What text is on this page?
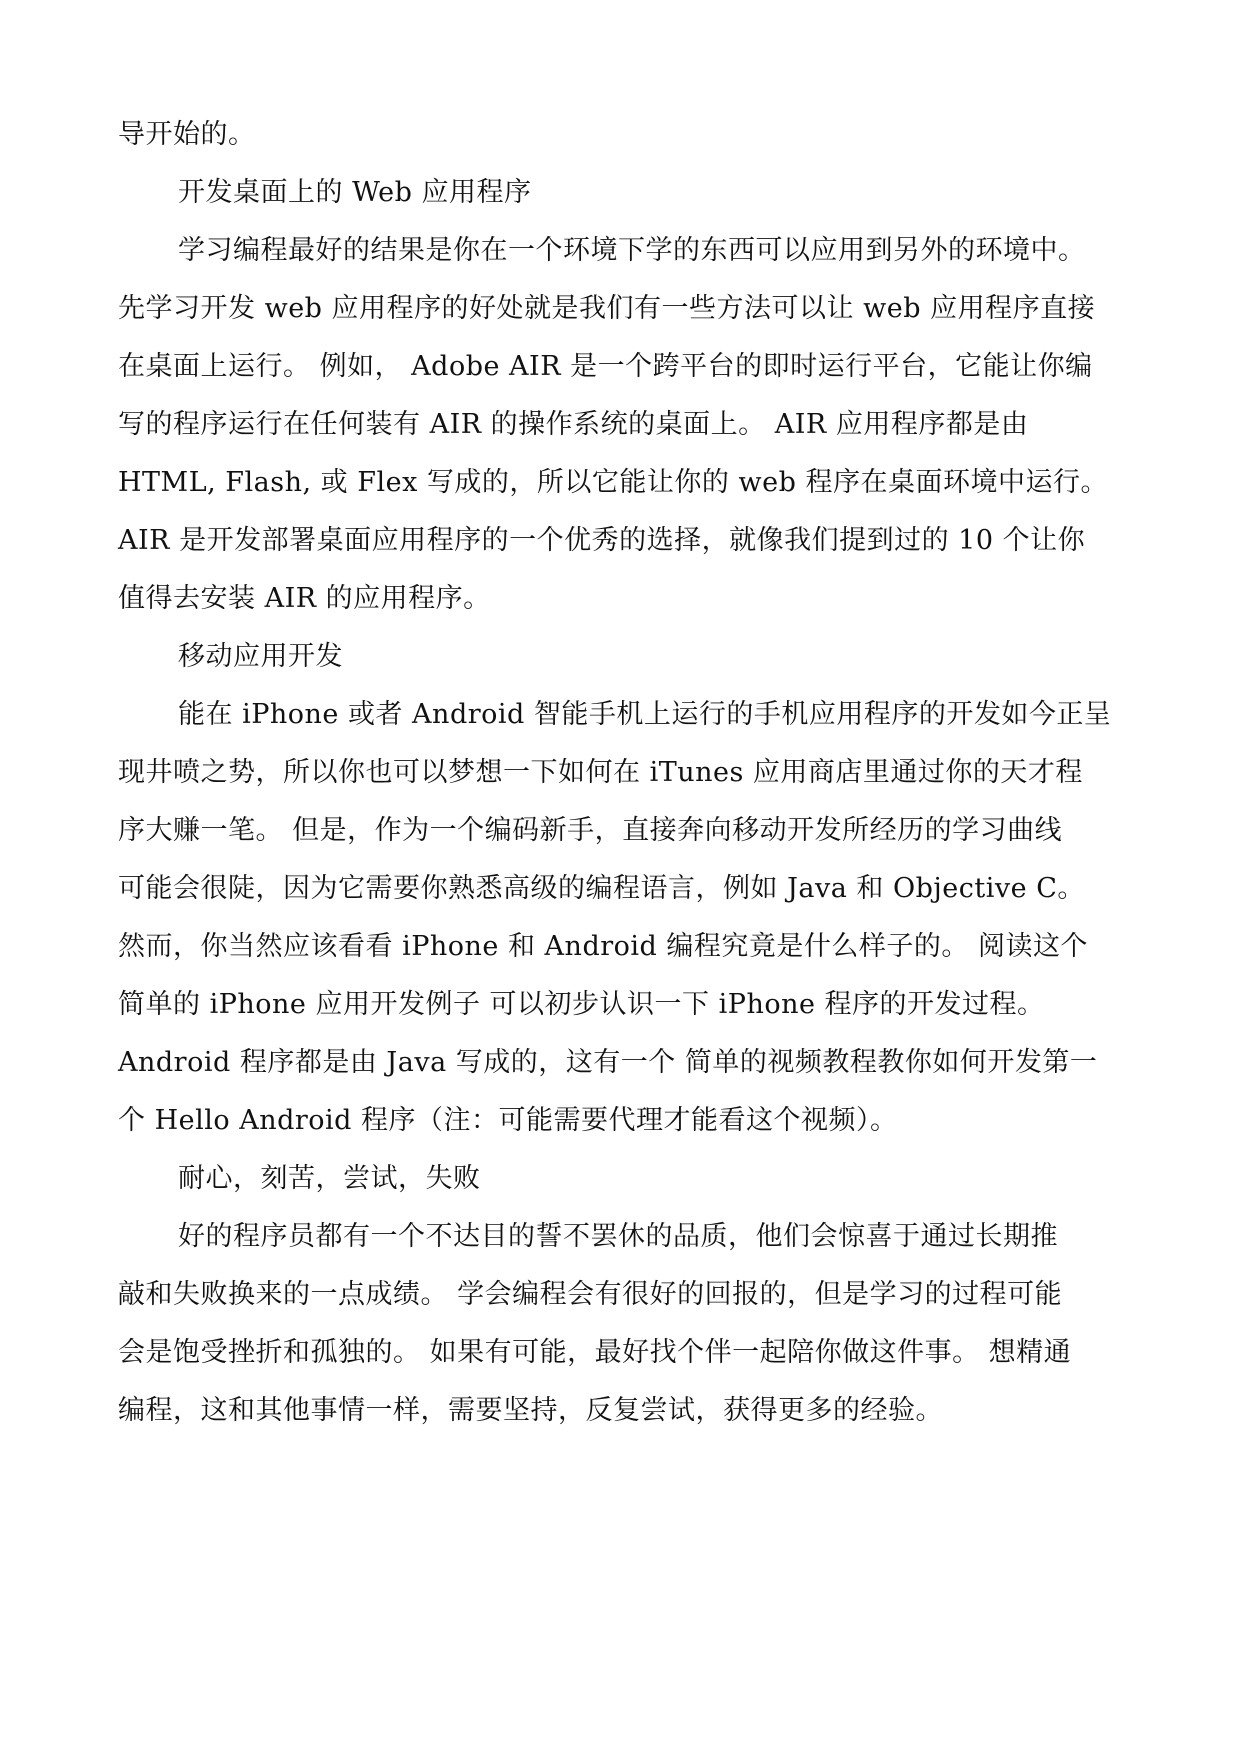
导开始的。
开发桌面上的 Web 应用程序
学习编程最好的结果是你在一个环境下学的东西可以应用到另外的环境中。
先学习开发 web 应用程序的好处就是我们有一些方法可以让 web 应用程序直接
在桌面上运行。 例如， Adobe AIR 是一个跨平台的即时运行平台，它能让你编
写的程序运行在任何装有 AIR 的操作系统的桌面上。 AIR 应用程序都是由
HTML, Flash, 或 Flex 写成的，所以它能让你的 web 程序在桌面环境中运行。
AIR 是开发部署桌面应用程序的一个优秀的选择，就像我们提到过的 10 个让你
值得去安装 AIR 的应用程序。
移动应用开发
能在 iPhone 或者 Android 智能手机上运行的手机应用程序的开发如今正呈
现井喷之势，所以你也可以梦想一下如何在 iTunes 应用商店里通过你的天才程
序大赚一笔。 但是，作为一个编码新手，直接奔向移动开发所经历的学习曲线
可能会很陡，因为它需要你熟悉高级的编程语言，例如 Java 和 Objective C。
然而，你当然应该看看 iPhone 和 Android 编程究竟是什么样子的。 阅读这个
简单的 iPhone 应用开发例子 可以初步认识一下 iPhone 程序的开发过程。
Android 程序都是由 Java 写成的，这有一个 简单的视频教程教你如何开发第一
个 Hello Android 程序（注：可能需要代理才能看这个视频）。
耐心，刻苦，尝试，失败
好的程序员都有一个不达目的誓不罢休的品质，他们会惊喜于通过长期推
敲和失败换来的一点成绩。 学会编程会有很好的回报的，但是学习的过程可能
会是饱受挫折和孤独的。 如果有可能，最好找个伴一起陪你做这件事。 想精通
编程，这和其他事情一样，需要坚持，反复尝试，获得更多的经验。
